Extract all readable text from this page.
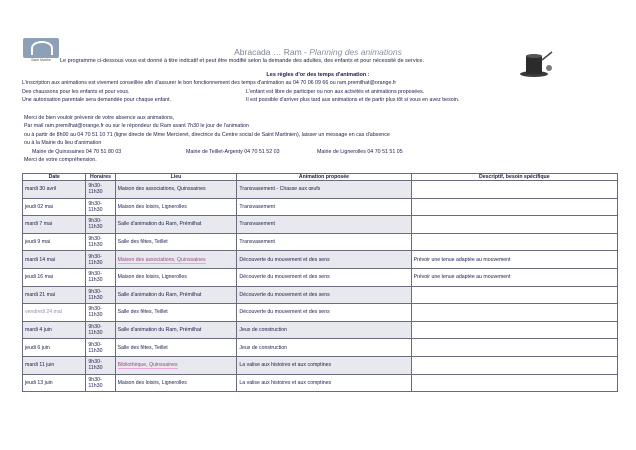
Saint Marthe
Abracada … Ram - Planning des animations
Le programme ci-dessous vous est donné à titre indicatif et peut être modifié selon la demande des adultes, des enfants et pour nécessité de service.
Les règles d'or des temps d'animation :
L'inscription aux animations est vivement conseillée afin d'assurer le bon fonctionnement des temps d'animation au 04 70 06 09 66 ou ram.premilhat@orange.fr
Des chaussons pour les enfants et pour vous.
Une autorisation parentale sera demandée pour chaque enfant.
L'enfant est libre de participer ou non aux activités et animations proposées.
Il est possible d'arriver plus tard aux animations et de partir plus tôt si vous en avez besoin.
Merci de bien vouloir prévenir de votre absence aux animations,
Par mail ram.premilhat@orange.fr ou sur le répondeur du Ram avant 7h30 le jour de l'animation
ou à partir de 8h00 au 04 70 51 10 71 (ligne directe de Mme Mercieret, directrice du Centre social de Saint Martinien), laisser un message en cas d'absence
ou à la Mairie du lieu d'animation
Mairie de Quinssaines 04 70 51 80 03	Mairie de Teillet-Argenty 04 70 51 52 03	Mairie de Lignerolles 04 70 51 51 05
Merci de votre compréhension.
Date	Horaires	Lieu	Animation proposée	Descriptif, besoin spécifique
mardi 30 avril	9h30-11h30	Maison des associations, Quinssaines	Transvasement - Chasse aux œufs	
jeudi 02 mai	9h30-11h30	Maison des loisirs, Lignerolles	Transvasement	
mardi 7 mai	9h30-11h30	Salle d'animation du Ram, Prémilhat	Transvasement	
jeudi 9 mai	9h30-11h30	Salle des fêtes, Teillet	Transvasement	
mardi 14 mai	9h30-11h30	Maison des associations, Quinssaines	Découverte du mouvement et des sens	Prévoir une tenue adaptée au mouvement
jeudi 16 mai	9h30-11h30	Maison des loisirs, Lignerolles	Découverte du mouvement et des sens	Prévoir une tenue adaptée au mouvement
mardi 21 mai	9h30-11h30	Salle d'animation du Ram, Prémilhat	Découverte du mouvement et des sens	
vendredi 24 mai	9h30-11h30	Salle des fêtes, Teillet	Découverte du mouvement et des sens	
mardi 4 juin	9h30-11h30	Salle d'animation du Ram, Prémilhat	Jeux de construction	
jeudi 6 juin	9h30-11h30	Salle des fêtes, Teillet	Jeux de construction	
mardi 11 juin	9h30-11h30	Bibliothèque, Quinssaines	La valise aux histoires et aux comptines	
jeudi 13 juin	9h30-11h30	Maison des loisirs, Lignerolles	La valise aux histoires et aux comptines	
